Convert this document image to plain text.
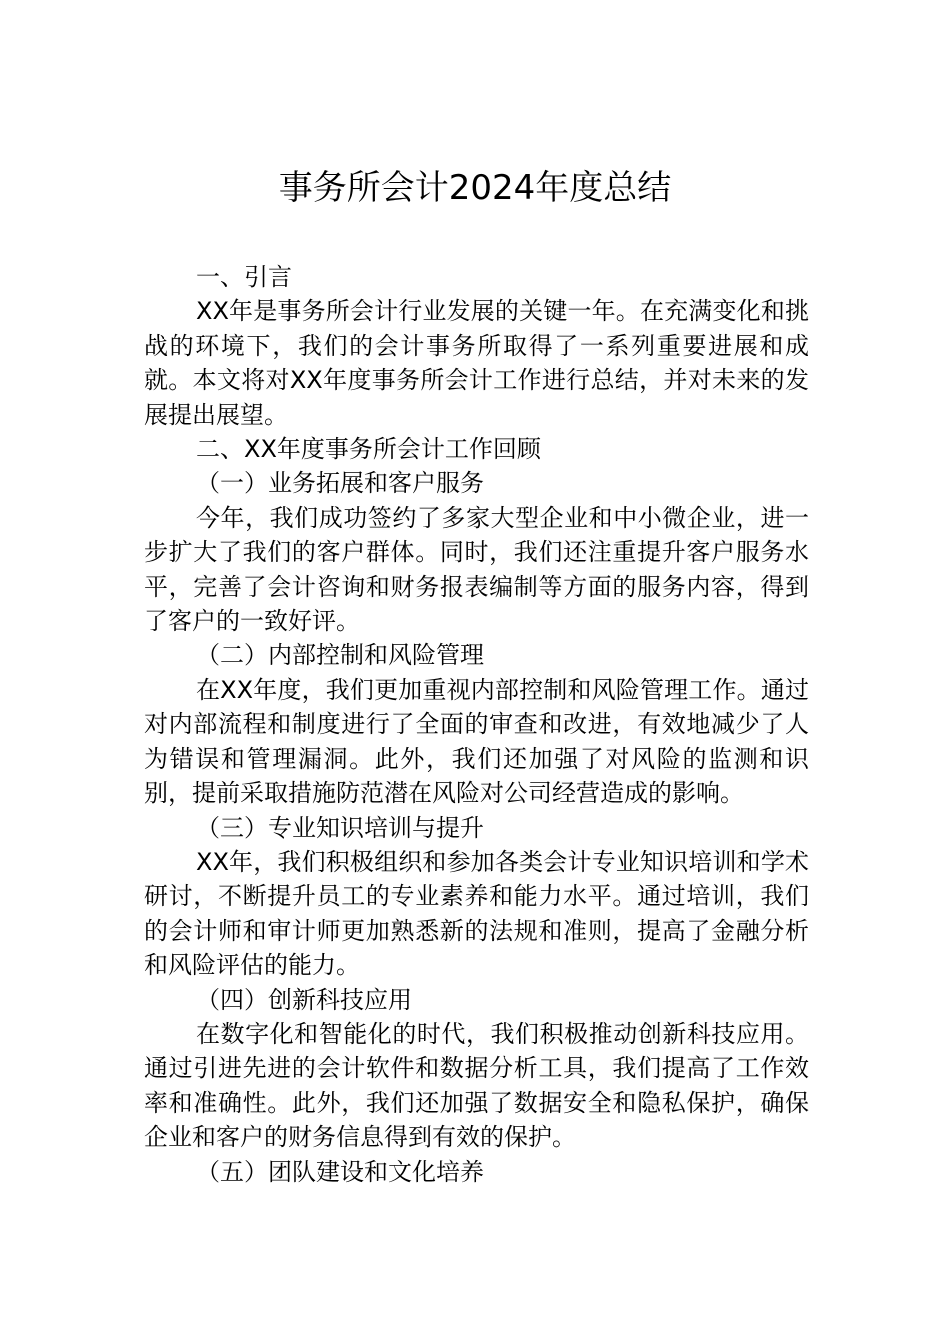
事务所会计2024年度总结

一、引言

XX年是事务所会计行业发展的关键一年。在充满变化和挑战的环境下，我们的会计事务所取得了一系列重要进展和成就。本文将对XX年度事务所会计工作进行总结，并对未来的发展提出展望。

二、XX年度事务所会计工作回顾

（一）业务拓展和客户服务

今年，我们成功签约了多家大型企业和中小微企业，进一步扩大了我们的客户群体。同时，我们还注重提升客户服务水平，完善了会计咨询和财务报表编制等方面的服务内容，得到了客户的一致好评。

（二）内部控制和风险管理

在XX年度，我们更加重视内部控制和风险管理工作。通过对内部流程和制度进行了全面的审查和改进，有效地减少了人为错误和管理漏洞。此外，我们还加强了对风险的监测和识别，提前采取措施防范潜在风险对公司经营造成的影响。

（三）专业知识培训与提升

XX年，我们积极组织和参加各类会计专业知识培训和学术研讨，不断提升员工的专业素养和能力水平。通过培训，我们的会计师和审计师更加熟悉新的法规和准则，提高了金融分析和风险评估的能力。

（四）创新科技应用

在数字化和智能化的时代，我们积极推动创新科技应用。通过引进先进的会计软件和数据分析工具，我们提高了工作效率和准确性。此外，我们还加强了数据安全和隐私保护，确保企业和客户的财务信息得到有效的保护。

（五）团队建设和文化培养
